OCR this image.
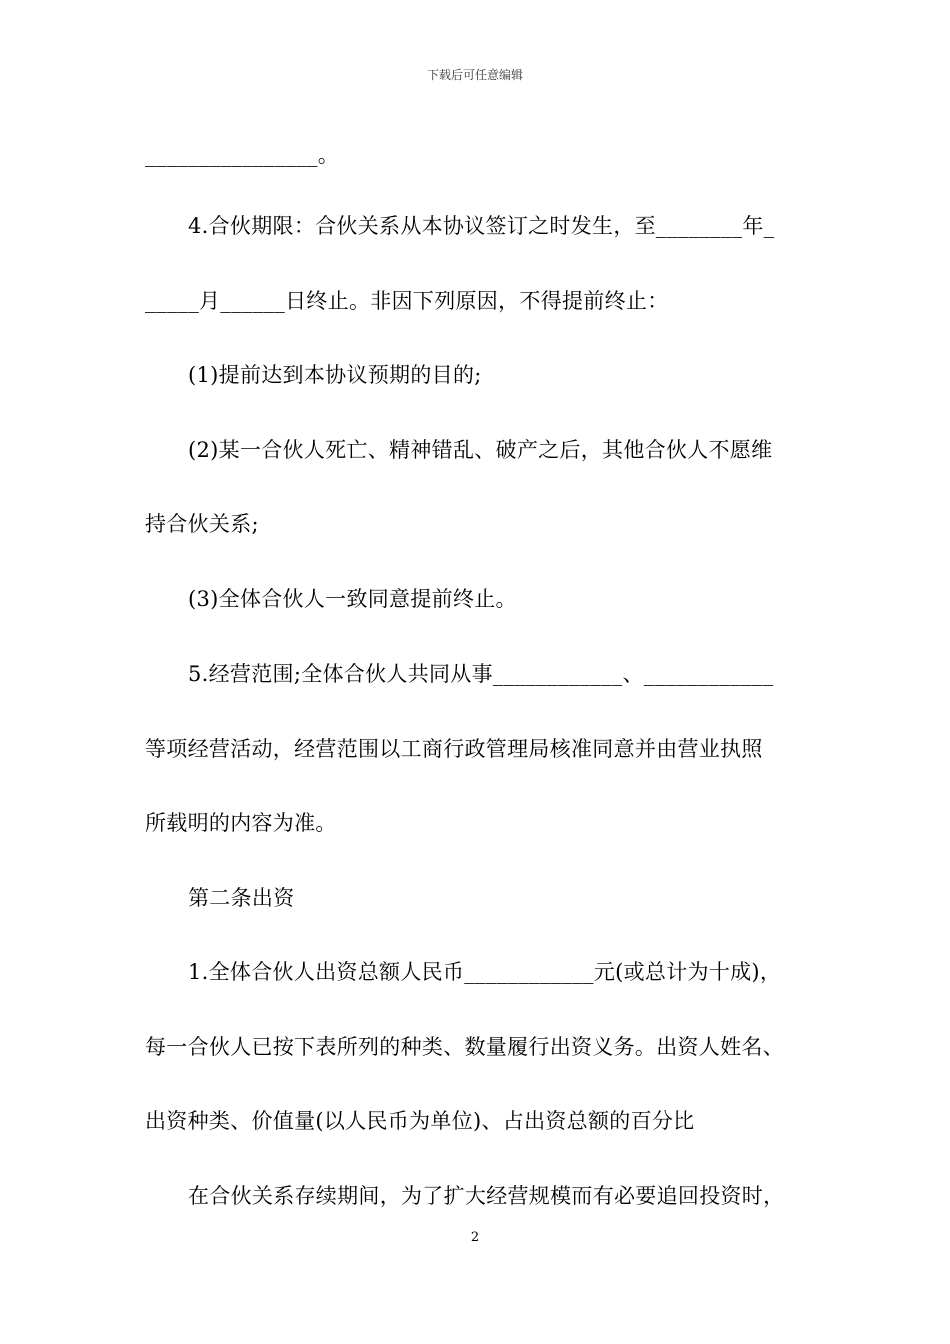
下载后可任意编辑
________________。
4.合伙期限：合伙关系从本协议签订之时发生，至________年_
_____月______日终止。非因下列原因，不得提前终止：
(1)提前达到本协议预期的目的;
(2)某一合伙人死亡、精神错乱、破产之后，其他合伙人不愿维
持合伙关系;
(3)全体合伙人一致同意提前终止。
5.经营范围;全体合伙人共同从事____________、____________
等项经营活动，经营范围以工商行政管理局核准同意并由营业执照
所载明的内容为准。
第二条出资
1.全体合伙人出资总额人民币____________元(或总计为十成)，
每一合伙人已按下表所列的种类、数量履行出资义务。出资人姓名、
出资种类、价值量(以人民币为单位)、占出资总额的百分比
在合伙关系存续期间，为了扩大经营规模而有必要追回投资时，
2
